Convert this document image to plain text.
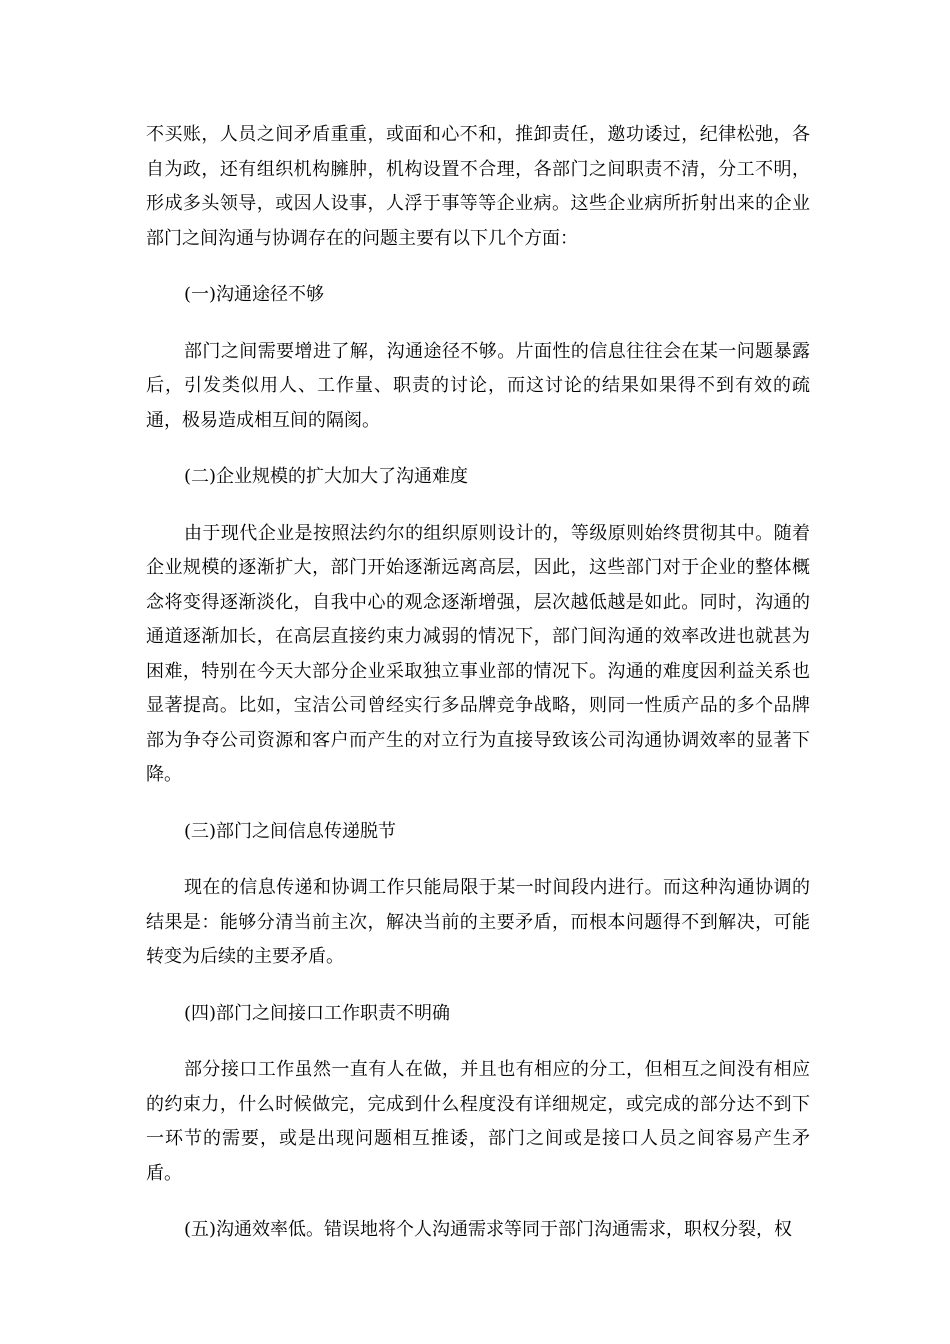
不买账，人员之间矛盾重重，或面和心不和，推卸责任，邀功诿过，纪律松弛，各自为政，还有组织机构臃肿，机构设置不合理，各部门之间职责不清，分工不明，形成多头领导，或因人设事，人浮于事等等企业病。这些企业病所折射出来的企业部门之间沟通与协调存在的问题主要有以下几个方面：

(一)沟通途径不够

部门之间需要增进了解，沟通途径不够。片面性的信息往往会在某一问题暴露后，引发类似用人、工作量、职责的讨论，而这讨论的结果如果得不到有效的疏通，极易造成相互间的隔阂。

(二)企业规模的扩大加大了沟通难度

由于现代企业是按照法约尔的组织原则设计的，等级原则始终贯彻其中。随着企业规模的逐渐扩大，部门开始逐渐远离高层，因此，这些部门对于企业的整体概念将变得逐渐淡化，自我中心的观念逐渐增强，层次越低越是如此。同时，沟通的通道逐渐加长，在高层直接约束力减弱的情况下，部门间沟通的效率改进也就甚为困难，特别在今天大部分企业采取独立事业部的情况下。沟通的难度因利益关系也显著提高。比如，宝洁公司曾经实行多品牌竞争战略，则同一性质产品的多个品牌部为争夺公司资源和客户而产生的对立行为直接导致该公司沟通协调效率的显著下降。

(三)部门之间信息传递脱节

现在的信息传递和协调工作只能局限于某一时间段内进行。而这种沟通协调的结果是：能够分清当前主次，解决当前的主要矛盾，而根本问题得不到解决，可能转变为后续的主要矛盾。

(四)部门之间接口工作职责不明确

部分接口工作虽然一直有人在做，并且也有相应的分工，但相互之间没有相应的约束力，什么时候做完，完成到什么程度没有详细规定，或完成的部分达不到下一环节的需要，或是出现问题相互推诿，部门之间或是接口人员之间容易产生矛盾。

(五)沟通效率低。错误地将个人沟通需求等同于部门沟通需求，职权分裂，权
